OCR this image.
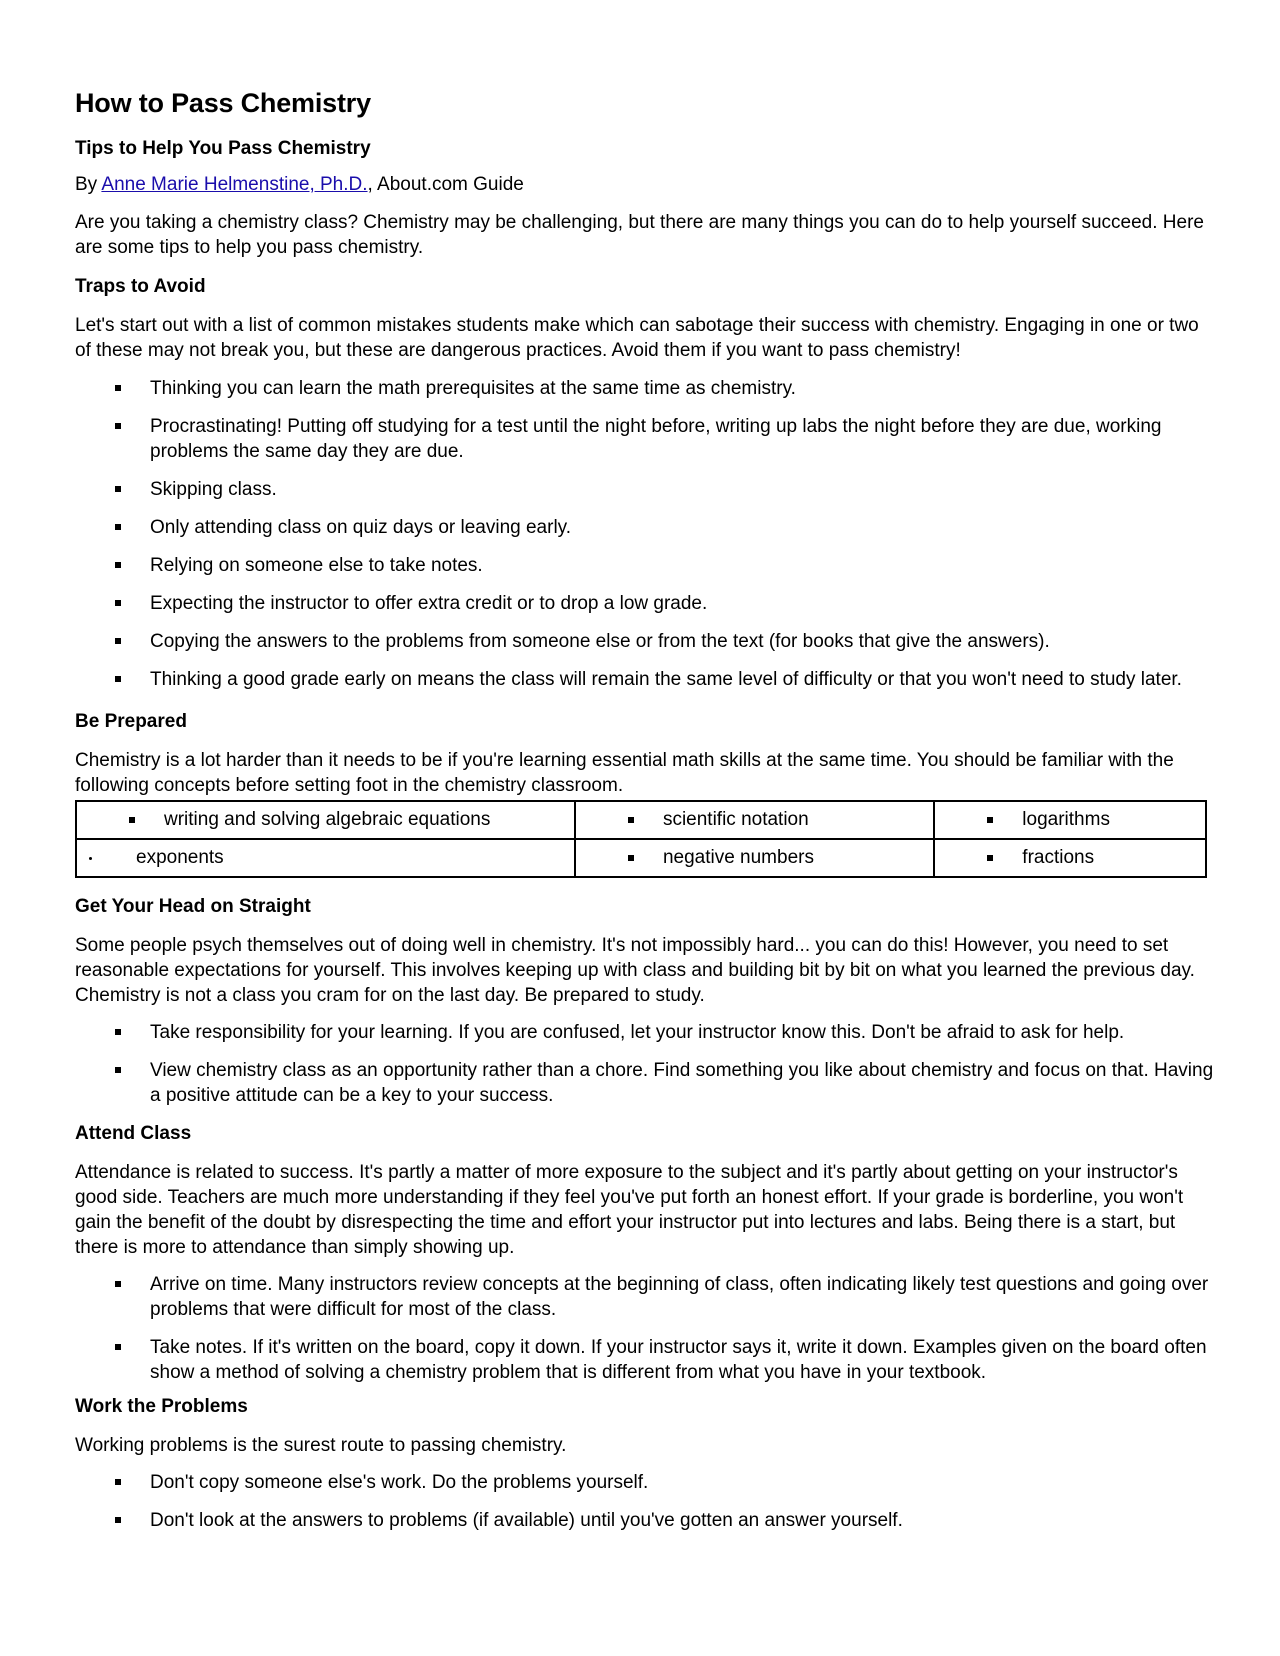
How to Pass Chemistry

Tips to Help You Pass Chemistry

By Anne Marie Helmenstine, Ph.D., About.com Guide

Are you taking a chemistry class? Chemistry may be challenging, but there are many things you can do to help yourself succeed. Here are some tips to help you pass chemistry.

Traps to Avoid

Let's start out with a list of common mistakes students make which can sabotage their success with chemistry. Engaging in one or two of these may not break you, but these are dangerous practices. Avoid them if you want to pass chemistry!

Thinking you can learn the math prerequisites at the same time as chemistry.
Procrastinating! Putting off studying for a test until the night before, writing up labs the night before they are due, working problems the same day they are due.
Skipping class.
Only attending class on quiz days or leaving early.
Relying on someone else to take notes.
Expecting the instructor to offer extra credit or to drop a low grade.
Copying the answers to the problems from someone else or from the text (for books that give the answers).
Thinking a good grade early on means the class will remain the same level of difficulty or that you won't need to study later.

Be Prepared

Chemistry is a lot harder than it needs to be if you're learning essential math skills at the same time. You should be familiar with the following concepts before setting foot in the chemistry classroom.

writing and solving algebraic equations	scientific notation	logarithms

exponents	negative numbers	fractions

Get Your Head on Straight

Some people psych themselves out of doing well in chemistry. It's not impossibly hard... you can do this! However, you need to set reasonable expectations for yourself. This involves keeping up with class and building bit by bit on what you learned the previous day. Chemistry is not a class you cram for on the last day. Be prepared to study.

Take responsibility for your learning. If you are confused, let your instructor know this. Don't be afraid to ask for help.
View chemistry class as an opportunity rather than a chore. Find something you like about chemistry and focus on that. Having a positive attitude can be a key to your success.

Attend Class

Attendance is related to success. It's partly a matter of more exposure to the subject and it's partly about getting on your instructor's good side. Teachers are much more understanding if they feel you've put forth an honest effort. If your grade is borderline, you won't gain the benefit of the doubt by disrespecting the time and effort your instructor put into lectures and labs. Being there is a start, but there is more to attendance than simply showing up.

Arrive on time. Many instructors review concepts at the beginning of class, often indicating likely test questions and going over problems that were difficult for most of the class.
Take notes. If it's written on the board, copy it down. If your instructor says it, write it down. Examples given on the board often show a method of solving a chemistry problem that is different from what you have in your textbook.

Work the Problems

Working problems is the surest route to passing chemistry.

Don't copy someone else's work. Do the problems yourself.
Don't look at the answers to problems (if available) until you've gotten an answer yourself.
